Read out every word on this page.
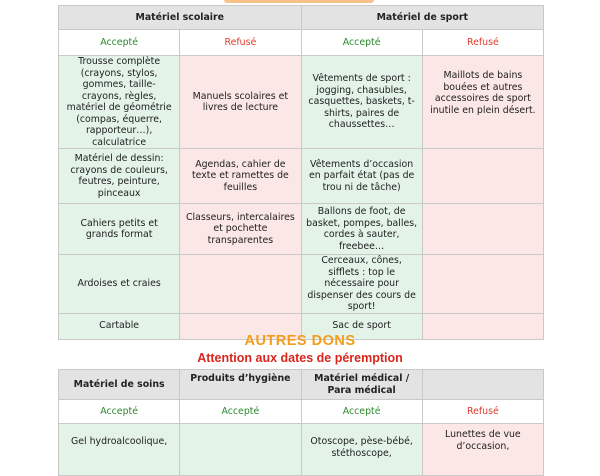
Matériel scolaire		Matériel de sport	
Accepté	Refusé	Accepté	Refusé
Trousse complète (crayons, stylos, gommes, taille-crayons, règles, matériel de géométrie (compas, équerre, rapporteur…), calculatrice	Manuels scolaires et livres de lecture	Vêtements de sport : jogging, chasubles, casquettes, baskets, t-shirts, paires de chaussettes…	Maillots de bains bouées et autres accessoires de sport inutile en plein désert.
Matériel de dessin: crayons de couleurs, feutres, peinture, pinceaux	Agendas, cahier de texte et ramettes de feuilles	Vêtements d’occasion en parfait état (pas de trou ni de tâche)	
Cahiers petits et grands format	Classeurs, intercalaires et pochette transparentes	Ballons de foot, de basket, pompes, balles, cordes à sauter, freebee…	
Ardoises et craies		Cerceaux, cônes, sifflets : top le nécessaire pour dispenser des cours de sport!	
Cartable		Sac de sport	
AUTRES DONS
Attention aux dates de péremption
Matériel de soins	Produits d’hygiène	Matériel médical / Para médical	
Accepté	Accepté	Accepté	Refusé
Gel hydroalcoolique,		Otoscope, pèse-bébé, stéthoscope,	Lunettes de vue d’occasion,
